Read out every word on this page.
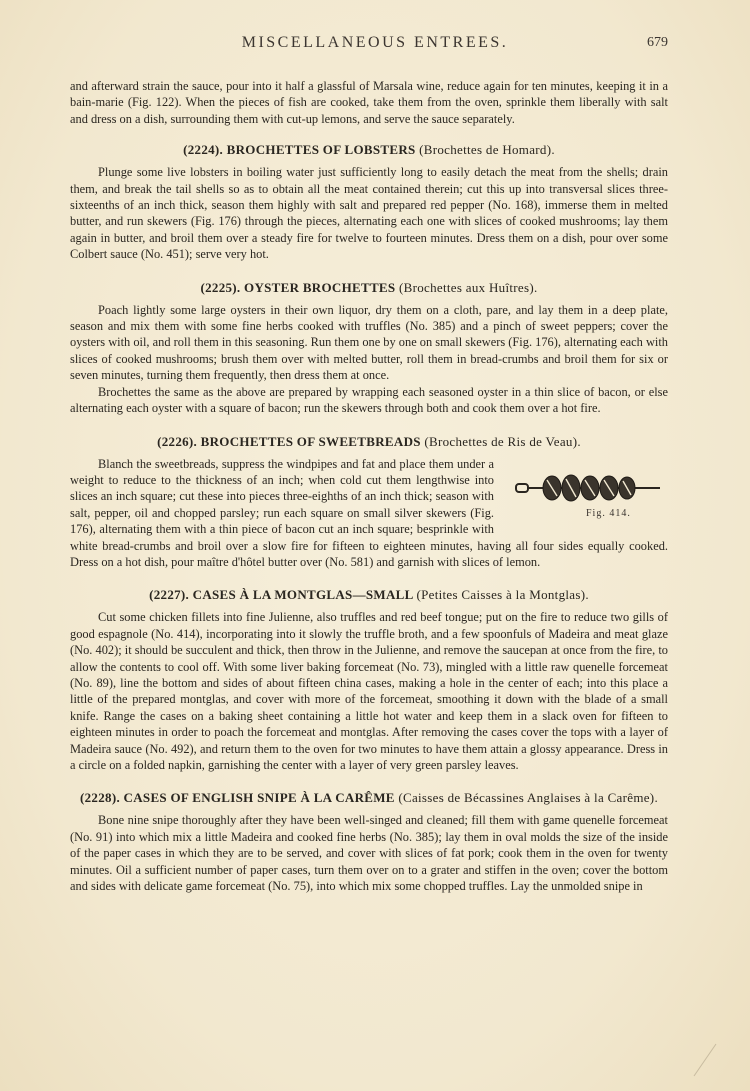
MISCELLANEOUS ENTREES.	679

and afterward strain the sauce, pour into it half a glassful of Marsala wine, reduce again for ten minutes, keeping it in a bain-marie (Fig. 122). When the pieces of fish are cooked, take them from the oven, sprinkle them liberally with salt and dress on a dish, surrounding them with cut-up lemons, and serve the sauce separately.

(2224). BROCHETTES OF LOBSTERS (Brochettes de Homard).

Plunge some live lobsters in boiling water just sufficiently long to easily detach the meat from the shells; drain them, and break the tail shells so as to obtain all the meat contained therein; cut this up into transversal slices three-sixteenths of an inch thick, season them highly with salt and prepared red pepper (No. 168), immerse them in melted butter, and run skewers (Fig. 176) through the pieces, alternating each one with slices of cooked mushrooms; lay them again in butter, and broil them over a steady fire for twelve to fourteen minutes. Dress them on a dish, pour over some Colbert sauce (No. 451); serve very hot.

(2225). OYSTER BROCHETTES (Brochettes aux Huîtres).

Poach lightly some large oysters in their own liquor, dry them on a cloth, pare, and lay them in a deep plate, season and mix them with some fine herbs cooked with truffles (No. 385) and a pinch of sweet peppers; cover the oysters with oil, and roll them in this seasoning. Run them one by one on small skewers (Fig. 176), alternating each with slices of cooked mushrooms; brush them over with melted butter, roll them in bread-crumbs and broil them for six or seven minutes, turning them frequently, then dress them at once.

Brochettes the same as the above are prepared by wrapping each seasoned oyster in a thin slice of bacon, or else alternating each oyster with a square of bacon; run the skewers through both and cook them over a hot fire.

(2226). BROCHETTES OF SWEETBREADS (Brochettes de Ris de Veau).
Fig. 414.

Blanch the sweetbreads, suppress the windpipes and fat and place them under a weight to reduce to the thickness of an inch; when cold cut them lengthwise into slices an inch square; cut these into pieces three-eighths of an inch thick; season with salt, pepper, oil and chopped parsley; run each square on small silver skewers (Fig. 176), alternating them with a thin piece of bacon cut an inch square; besprinkle with white bread-crumbs and broil over a slow fire for fifteen to eighteen minutes, having all four sides equally cooked. Dress on a hot dish, pour maître d'hôtel butter over (No. 581) and garnish with slices of lemon.

(2227). CASES À LA MONTGLAS—SMALL (Petites Caisses à la Montglas).

Cut some chicken fillets into fine Julienne, also truffles and red beef tongue; put on the fire to reduce two gills of good espagnole (No. 414), incorporating into it slowly the truffle broth, and a few spoonfuls of Madeira and meat glaze (No. 402); it should be succulent and thick, then throw in the Julienne, and remove the saucepan at once from the fire, to allow the contents to cool off. With some liver baking forcemeat (No. 73), mingled with a little raw quenelle forcemeat (No. 89), line the bottom and sides of about fifteen china cases, making a hole in the center of each; into this place a little of the prepared montglas, and cover with more of the forcemeat, smoothing it down with the blade of a small knife. Range the cases on a baking sheet containing a little hot water and keep them in a slack oven for fifteen to eighteen minutes in order to poach the forcemeat and montglas. After removing the cases cover the tops with a layer of Madeira sauce (No. 492), and return them to the oven for two minutes to have them attain a glossy appearance. Dress in a circle on a folded napkin, garnishing the center with a layer of very green parsley leaves.

(2228). CASES OF ENGLISH SNIPE À LA CARÊME (Caisses de Bécassines Anglaises à la Carême).

Bone nine snipe thoroughly after they have been well-singed and cleaned; fill them with game quenelle forcemeat (No. 91) into which mix a little Madeira and cooked fine herbs (No. 385); lay them in oval molds the size of the inside of the paper cases in which they are to be served, and cover with slices of fat pork; cook them in the oven for twenty minutes. Oil a sufficient number of paper cases, turn them over on to a grater and stiffen in the oven; cover the bottom and sides with delicate game forcemeat (No. 75), into which mix some chopped truffles. Lay the unmolded snipe in
